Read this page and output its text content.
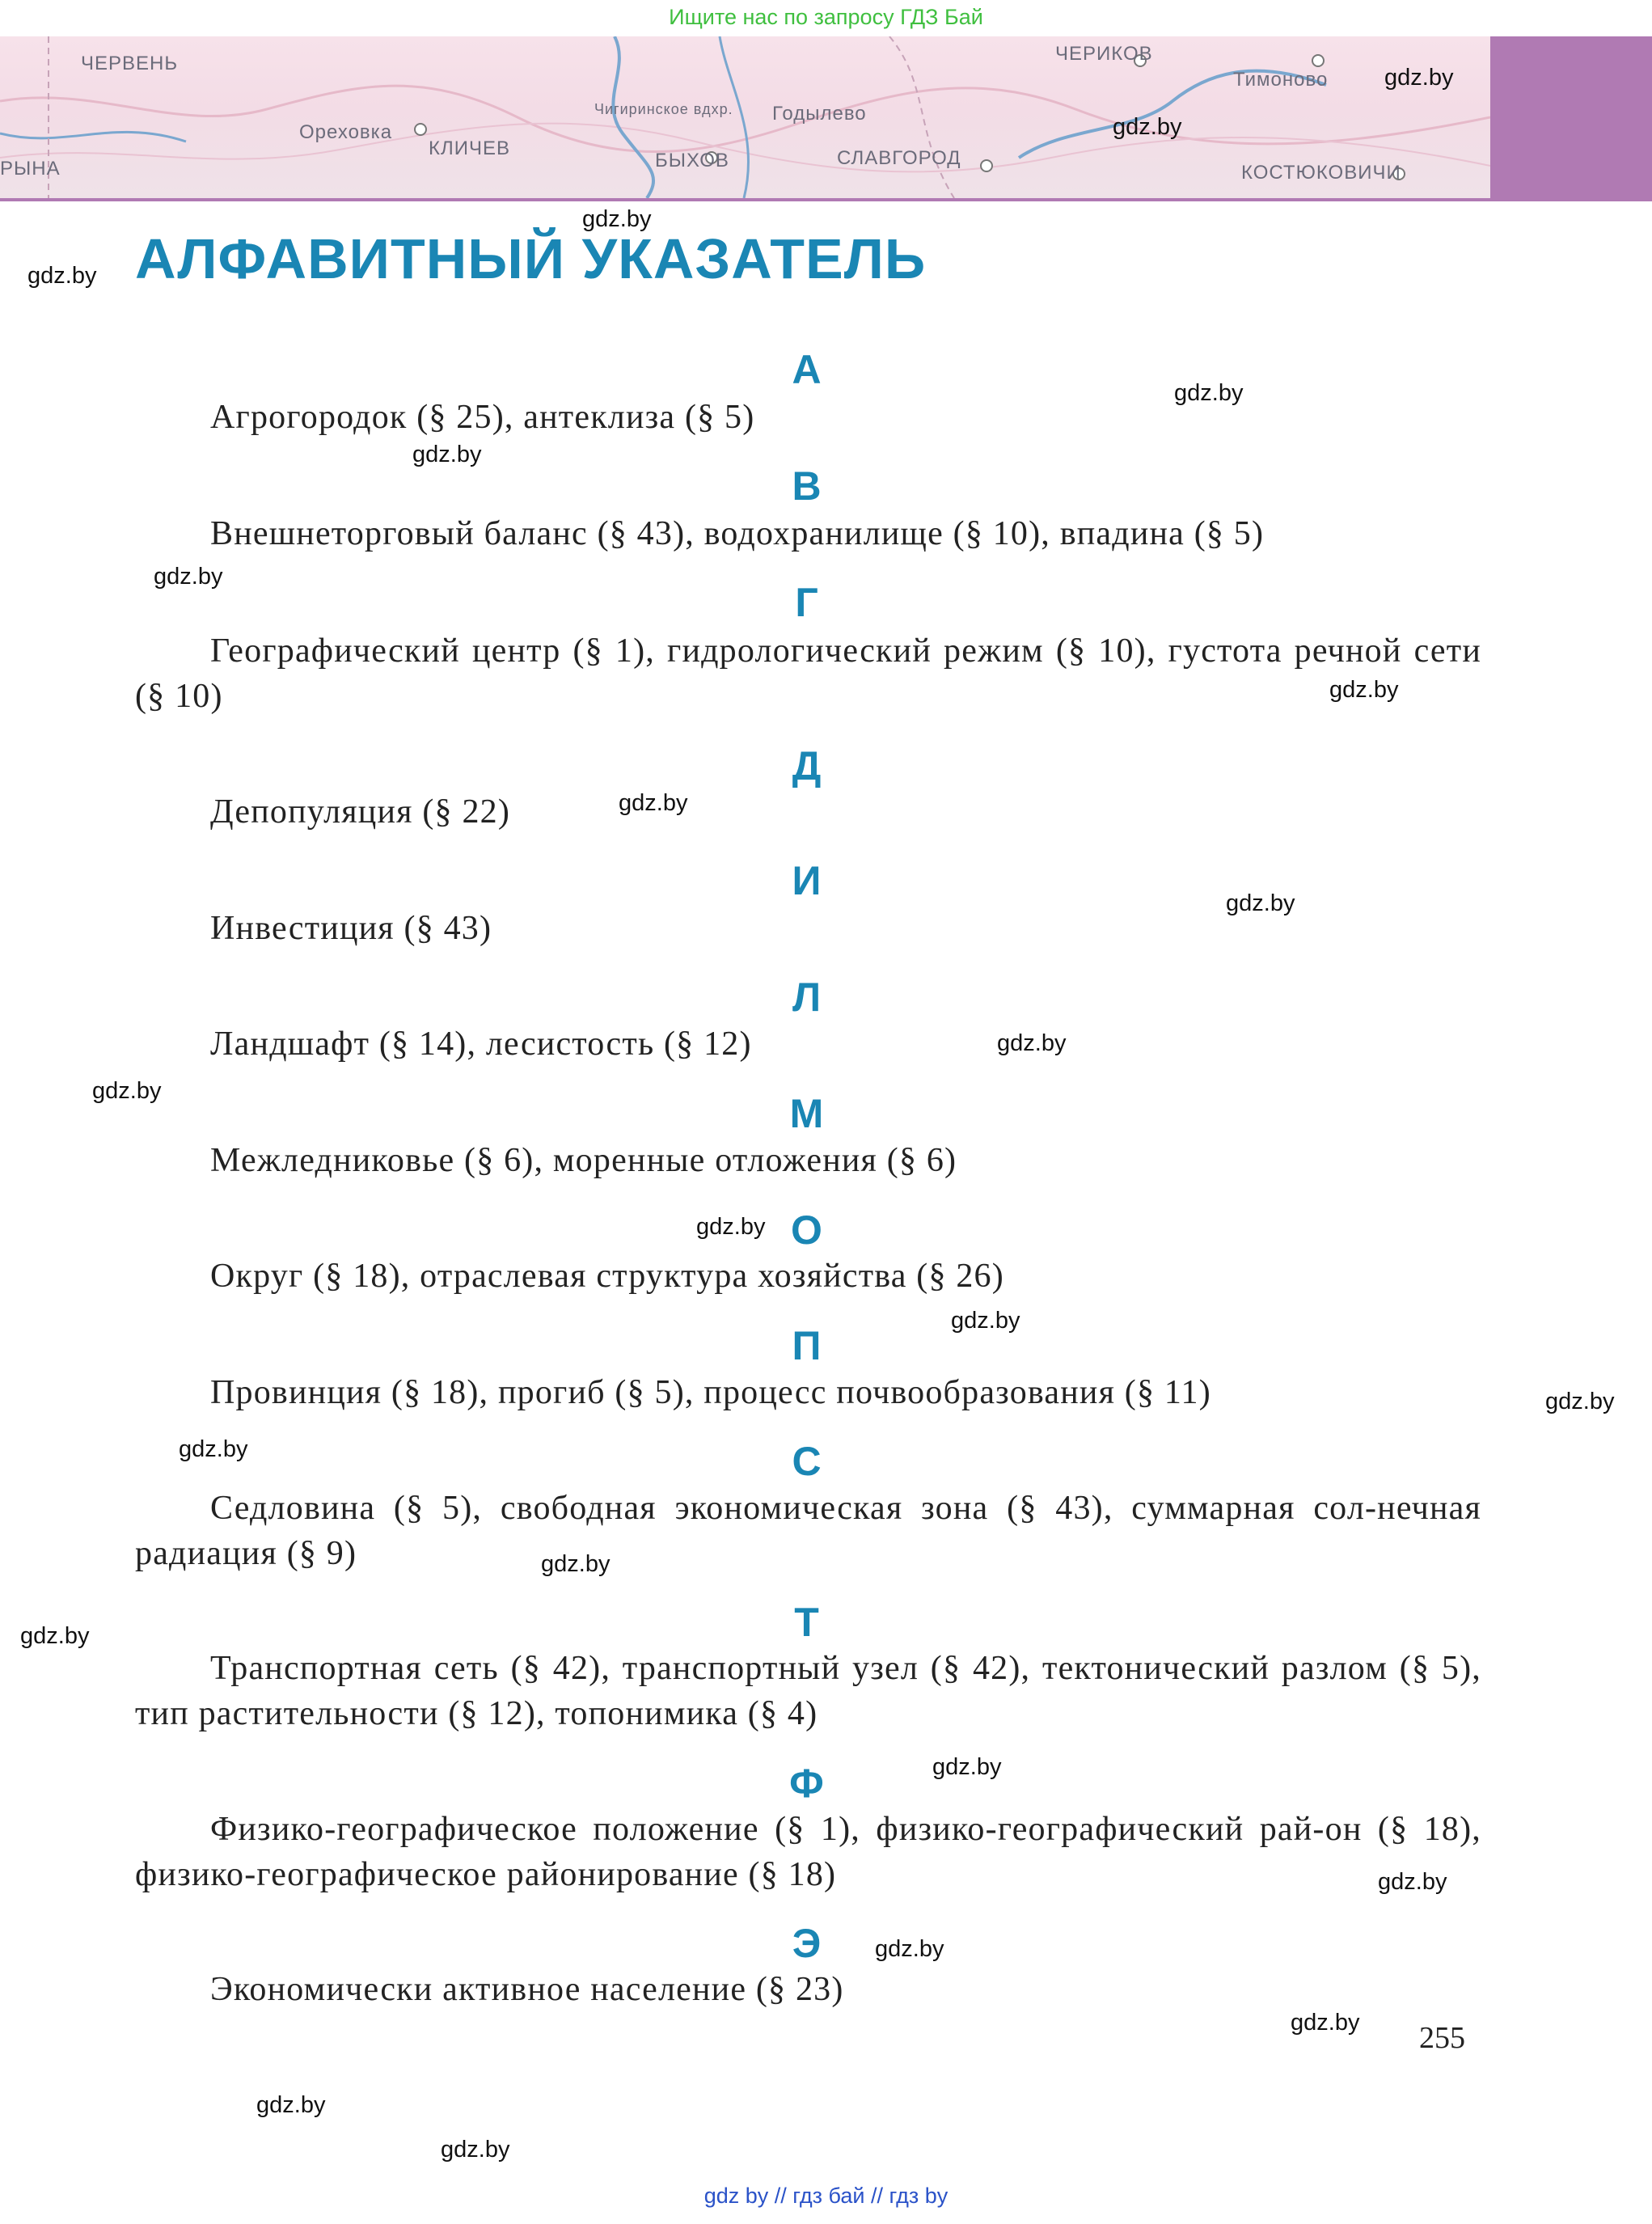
Ищите нас по запросу ГДЗ Бай
ЧЕРВЕНЬ
Ореховка
КЛИЧЕВ
Чигиринское вдхр.
БЫХОВ
Годылево
СЛАВГОРОД
ЧЕРИКОВ
Тимоново
КОСТЮКОВИЧИ
РЫНА
АЛФАВИТНЫЙ УКАЗАТЕЛЬ
А

Агрогородок (§ 25), антеклиза (§ 5)

В

Внешнеторговый баланс (§ 43), водохранилище (§ 10), впадина (§ 5)

Г

Географический центр (§ 1), гидрологический режим (§ 10), густота речной сети (§ 10)

Д

Депопуляция (§ 22)

И

Инвестиция (§ 43)

Л

Ландшафт (§ 14), лесистость (§ 12)

М

Межледниковье (§ 6), моренные отложения (§ 6)

О

Округ (§ 18), отраслевая структура хозяйства (§ 26)

П

Провинция (§ 18), прогиб (§ 5), процесс почвообразования (§ 11)

С

Седловина (§ 5), свободная экономическая зона (§ 43), суммарная сол-нечная радиация (§ 9)

Т

Транспортная сеть (§ 42), транспортный узел (§ 42), тектонический разлом (§ 5), тип растительности (§ 12), топонимика (§ 4)

Ф

Физико-географическое положение (§ 1), физико-географический рай-он (§ 18), физико-географическое районирование (§ 18)

Э

Экономически активное население (§ 23)

255
gdz.by
gdz.by
gdz.by
gdz.by
gdz.by
gdz.by
gdz.by
gdz.by
gdz.by
gdz.by
gdz.by
gdz.by
gdz.by
gdz.by
gdz.by
gdz.by
gdz.by
gdz.by
gdz.by
gdz.by
gdz.by
gdz.by
gdz.by
gdz.by
gdz by // гдз бай // гдз by
